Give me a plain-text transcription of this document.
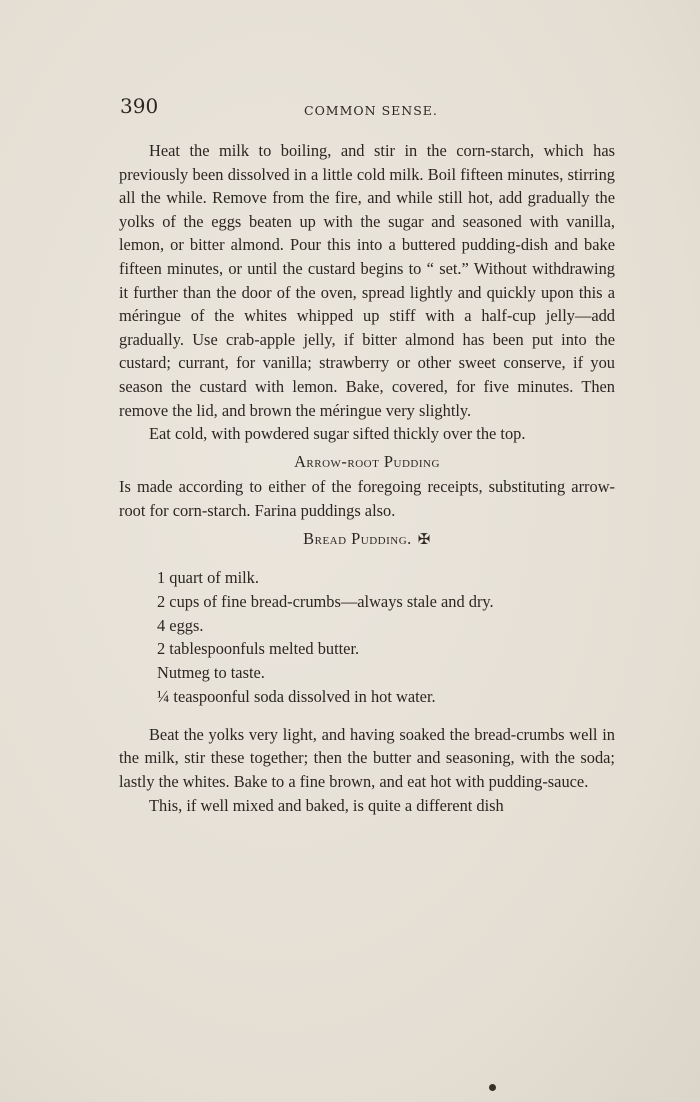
390	COMMON SENSE.

Heat the milk to boiling, and stir in the corn-starch, which has previously been dissolved in a little cold milk. Boil fifteen minutes, stirring all the while. Remove from the fire, and while still hot, add gradually the yolks of the eggs beaten up with the sugar and seasoned with vanilla, lemon, or bitter almond. Pour this into a buttered pudding-dish and bake fifteen minutes, or until the custard begins to “ set.” Without withdrawing it further than the door of the oven, spread lightly and quickly upon this a méringue of the whites whipped up stiff with a half-cup jelly—add gradually. Use crab-apple jelly, if bitter almond has been put into the custard; currant, for vanilla; strawberry or other sweet conserve, if you season the custard with lemon. Bake, covered, for five minutes. Then remove the lid, and brown the méringue very slightly.

Eat cold, with powdered sugar sifted thickly over the top.

Arrow-root Pudding

Is made according to either of the foregoing receipts, substituting arrow-root for corn-starch. Farina puddings also.

Bread Pudding. ✠
1 quart of milk.
2 cups of fine bread-crumbs—always stale and dry.
4 eggs.
2 tablespoonfuls melted butter.
Nutmeg to taste.
¼ teaspoonful soda dissolved in hot water.

Beat the yolks very light, and having soaked the bread-crumbs well in the milk, stir these together; then the butter and seasoning, with the soda; lastly the whites. Bake to a fine brown, and eat hot with pudding-sauce.

This, if well mixed and baked, is quite a different dish
